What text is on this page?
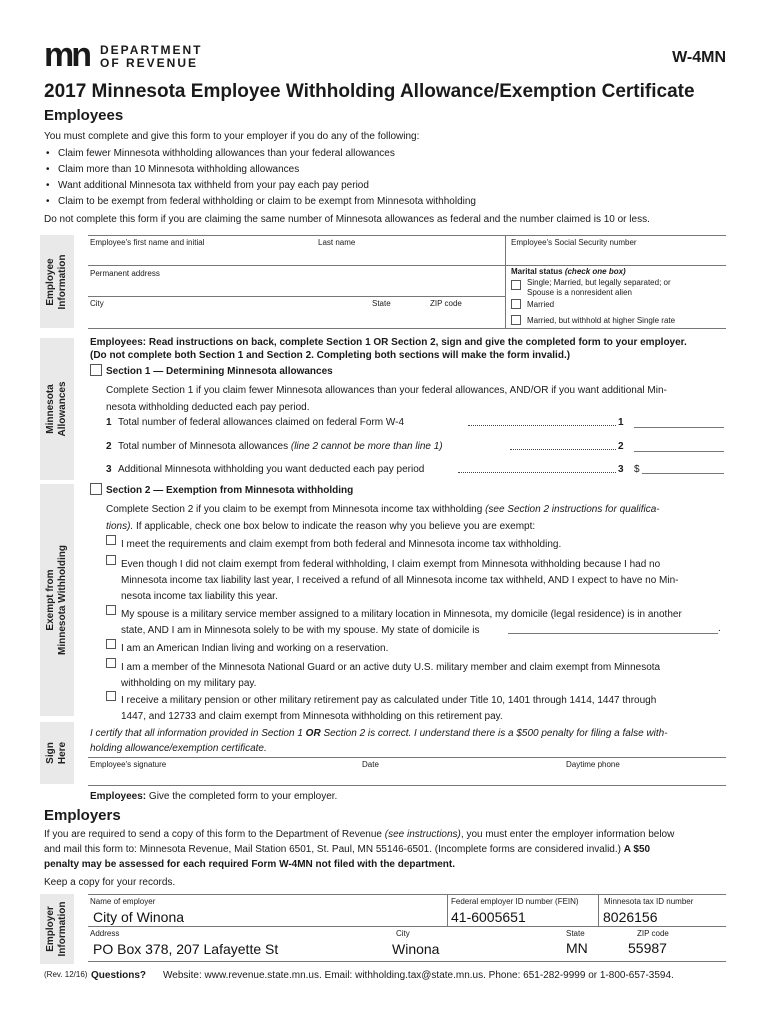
mn DEPARTMENT
OF REVENUE	W-4MN
2017 Minnesota Employee Withholding Allowance/Exemption Certificate
Employees
You must complete and give this form to your employer if you do any of the following:
• Claim fewer Minnesota withholding allowances than your federal allowances
• Claim more than 10 Minnesota withholding allowances
• Want additional Minnesota tax withheld from your pay each pay period
• Claim to be exempt from federal withholding or claim to be exempt from Minnesota withholding
Do not complete this form if you are claiming the same number of Minnesota allowances as federal and the number claimed is 10 or less.
Employee
Information
Employee's first name and initial	Last name	Employee's Social Security number
Permanent address
City	State	ZIP code
Marital status (check one box)
Single; Married, but legally separated; or
Spouse is a nonresident alien
Married
Married, but withhold at higher Single rate
Minnesota
Allowances
Employees: Read instructions on back, complete Section 1 OR Section 2, sign and give the completed form to your employer.
(Do not complete both Section 1 and Section 2. Completing both sections will make the form invalid.)
Section 1 — Determining Minnesota allowances
Complete Section 1 if you claim fewer Minnesota allowances than your federal allowances, AND/OR if you want additional Min-
nesota withholding deducted each pay period.
1 Total number of federal allowances claimed on federal Form W-4	1
2 Total number of Minnesota allowances (line 2 cannot be more than line 1)	2
3 Additional Minnesota withholding you want deducted each pay period	3 $
Exempt from
Minnesota Withholding
Section 2 — Exemption from Minnesota withholding
Complete Section 2 if you claim to be exempt from Minnesota income tax withholding (see Section 2 instructions for qualifica-
tions). If applicable, check one box below to indicate the reason why you believe you are exempt:
I meet the requirements and claim exempt from both federal and Minnesota income tax withholding.
Even though I did not claim exempt from federal withholding, I claim exempt from Minnesota withholding because I had no
Minnesota income tax liability last year, I received a refund of all Minnesota income tax withheld, AND I expect to have no Min-
nesota income tax liability this year.
My spouse is a military service member assigned to a military location in Minnesota, my domicile (legal residence) is in another
state, AND I am in Minnesota solely to be with my spouse. My state of domicile is	.
I am an American Indian living and working on a reservation.
I am a member of the Minnesota National Guard or an active duty U.S. military member and claim exempt from Minnesota
withholding on my military pay.
I receive a military pension or other military retirement pay as calculated under Title 10, 1401 through 1414, 1447 through
1447, and 12733 and claim exempt from Minnesota withholding on this retirement pay.
Sign
Here
I certify that all information provided in Section 1 OR Section 2 is correct. I understand there is a $500 penalty for filing a false with-
holding allowance/exemption certificate.
Employee's signature	Date	Daytime phone
Employees: Give the completed form to your employer.
Employers
If you are required to send a copy of this form to the Department of Revenue (see instructions), you must enter the employer information below
and mail this form to: Minnesota Revenue, Mail Station 6501, St. Paul, MN 55146-6501. (Incomplete forms are considered invalid.) A $50
penalty may be assessed for each required Form W-4MN not filed with the department.
Keep a copy for your records.
Employer
Information	Name of employer
City of Winona
Federal employer ID number (FEIN)
41-6005651
Minnesota tax ID number
8026156
Address
PO Box 378, 207 Lafayette St
City
Winona
State
MN
ZIP code
55987
(Rev. 12/16) Questions? Website: www.revenue.state.mn.us. Email: withholding.tax@state.mn.us. Phone: 651-282-9999 or 1-800-657-3594.
